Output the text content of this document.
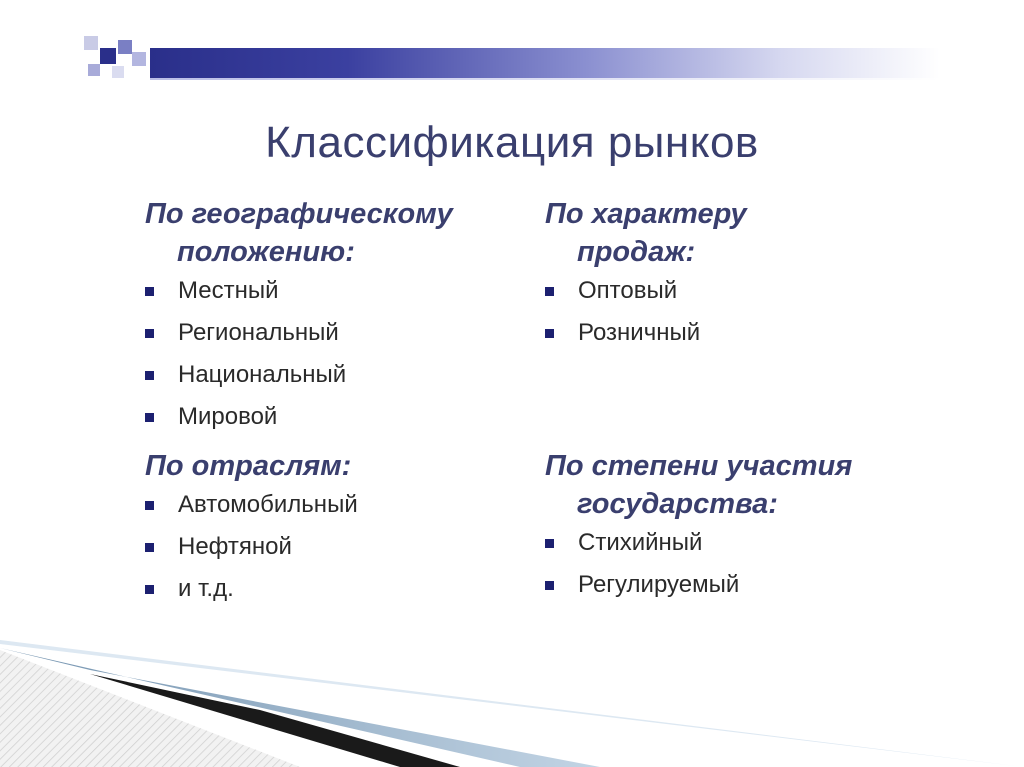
Классификация рынков

По географическому
положению:

Местный
Региональный
Национальный
Мировой

По характеру
продаж:

Оптовый
Розничный

По отраслям:

Автомобильный
Нефтяной
и т.д.

По степени участия
государства:

Стихийный
Регулируемый
